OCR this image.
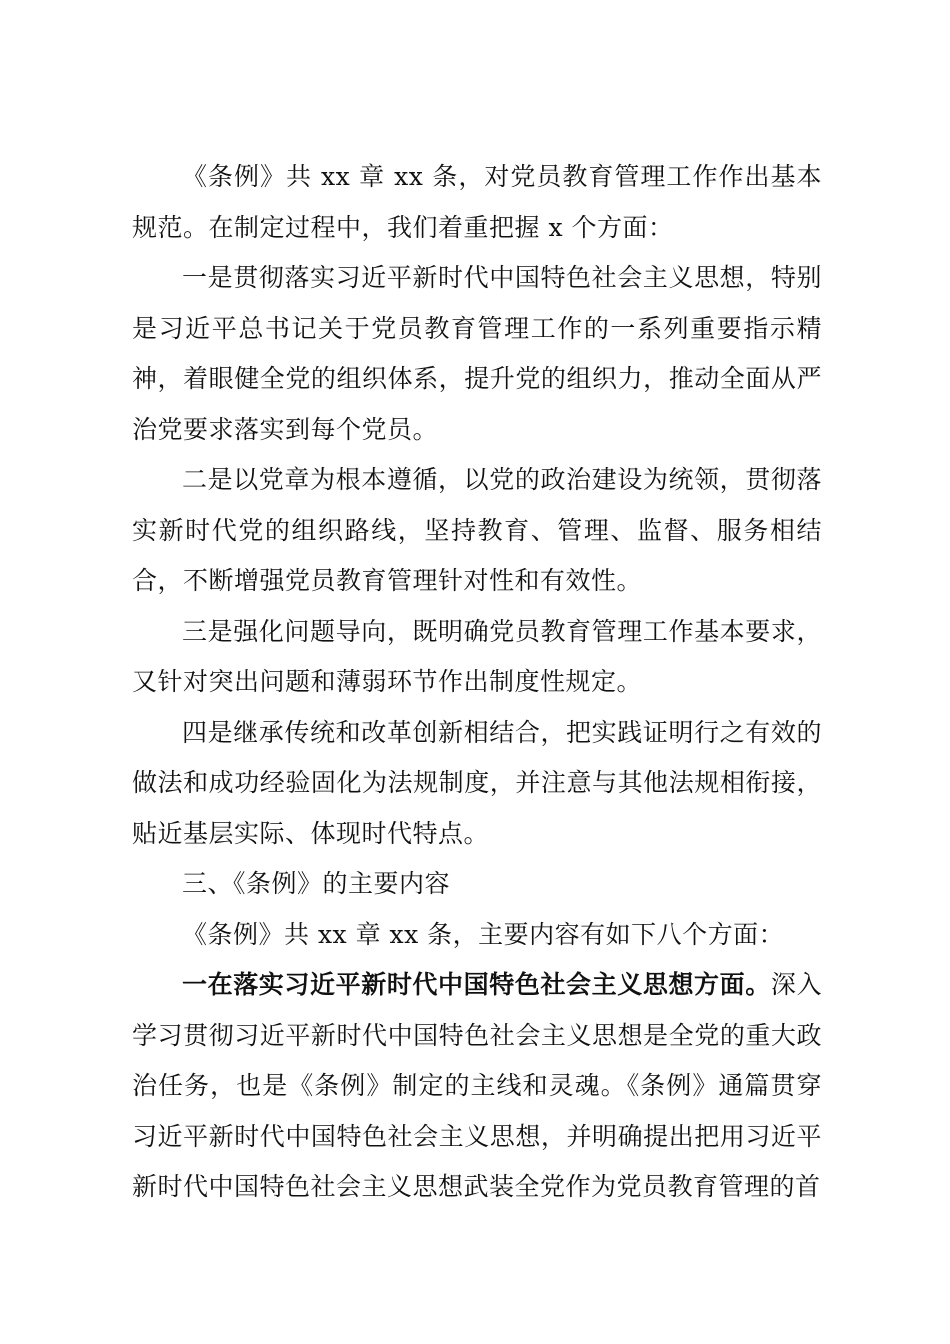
《条例》共 xx 章 xx 条，对党员教育管理工作作出基本规范。在制定过程中，我们着重把握 x 个方面：

一是贯彻落实习近平新时代中国特色社会主义思想，特别是习近平总书记关于党员教育管理工作的一系列重要指示精神，着眼健全党的组织体系，提升党的组织力，推动全面从严治党要求落实到每个党员。

二是以党章为根本遵循，以党的政治建设为统领，贯彻落实新时代党的组织路线，坚持教育、管理、监督、服务相结合，不断增强党员教育管理针对性和有效性。

三是强化问题导向，既明确党员教育管理工作基本要求，又针对突出问题和薄弱环节作出制度性规定。

四是继承传统和改革创新相结合，把实践证明行之有效的做法和成功经验固化为法规制度，并注意与其他法规相衔接，贴近基层实际、体现时代特点。

三、《条例》的主要内容

《条例》共 xx 章 xx 条，主要内容有如下八个方面：

一在落实习近平新时代中国特色社会主义思想方面。深入学习贯彻习近平新时代中国特色社会主义思想是全党的重大政治任务，也是《条例》制定的主线和灵魂。《条例》通篇贯穿习近平新时代中国特色社会主义思想，并明确提出把用习近平新时代中国特色社会主义思想武装全党作为党员教育管理的首
